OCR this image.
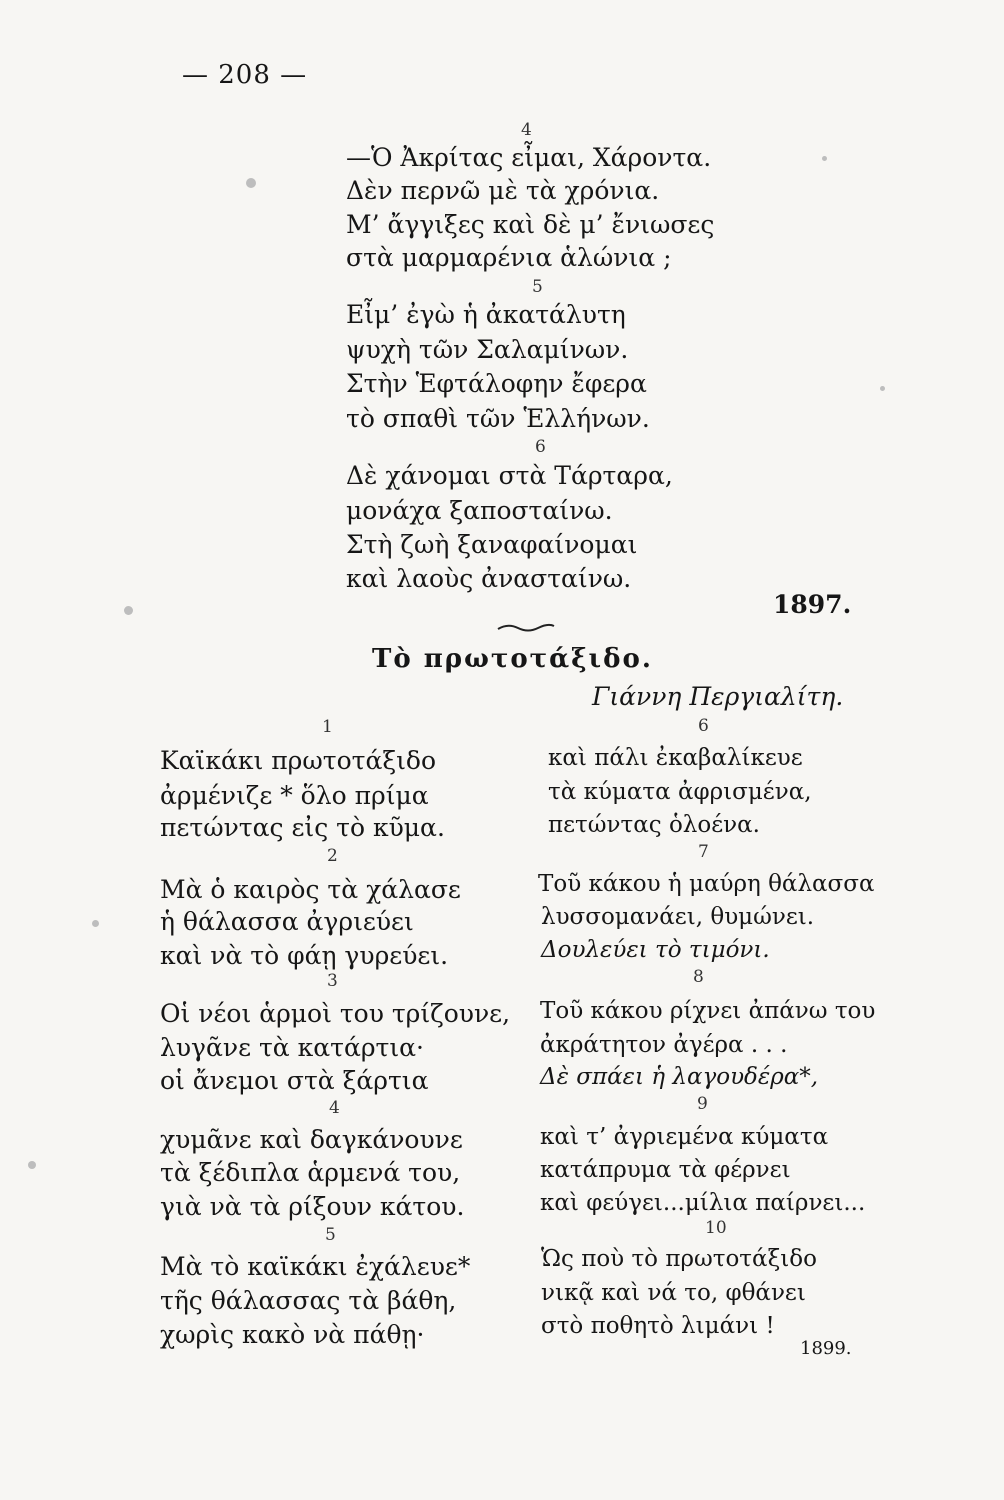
— 208 —
4
—Ὁ Ἀκρίτας εἶμαι, Χάροντα.
Δὲν περνῶ μὲ τὰ χρόνια.
Μ’ ἄγγιξες καὶ δὲ μ’ ἔνιωσες
στὰ μαρμαρένια ἁλώνια ;
5
Εἶμ’ ἐγὼ ἡ ἀκατάλυτη
ψυχὴ τῶν Σαλαμίνων.
Στὴν Ἑφτάλοφην ἔφερα
τὸ σπαθὶ τῶν Ἑλλήνων.
6
Δὲ χάνομαι στὰ Τάρταρα,
μονάχα ξαποσταίνω.
Στὴ ζωὴ ξαναφαίνομαι
καὶ λαοὺς ἀνασταίνω.
1897.
Τὸ πρωτοτάξιδο.
Γιάννη Περγιαλίτη.
1
Καϊκάκι πρωτοτάξιδο
ἀρμένιζε * ὅλο πρίμα
πετώντας εἰς τὸ κῦμα.
2
Μὰ ὁ καιρὸς τὰ χάλασε
ἡ θάλασσα ἀγριεύει
καὶ νὰ τὸ φάῃ γυρεύει.
3
Οἱ νέοι ἁρμοὶ του τρίζουνε,
λυγᾶνε τὰ κατάρτια·
οἱ ἄνεμοι στὰ ξάρτια
4
χυμᾶνε καὶ δαγκάνουνε
τὰ ξέδιπλα ἁρμενά του,
γιὰ νὰ τὰ ρίξουν κάτου.
5
Μὰ τὸ καϊκάκι ἐχάλευε*
τῆς θάλασσας τὰ βάθη,
χωρὶς κακὸ νὰ πάθῃ·
6
καὶ πάλι ἐκαβαλίκευε
τὰ κύματα ἀφρισμένα,
πετώντας ὁλοένα.
7
Τοῦ κάκου ἡ μαύρη θάλασσα
λυσσομανάει, θυμώνει.
Δουλεύει τὸ τιμόνι.
8
Τοῦ κάκου ρίχνει ἀπάνω του
ἀκράτητον ἀγέρα . . .
Δὲ σπάει ἡ λαγουδέρα*,
9
καὶ τ’ ἀγριεμένα κύματα
κατάπρυμα τὰ φέρνει
καὶ φεύγει...μίλια παίρνει...
10
Ὡς ποὺ τὸ πρωτοτάξιδο
νικᾷ καὶ νά το, φθάνει
στὸ ποθητὸ λιμάνι !
1899.
